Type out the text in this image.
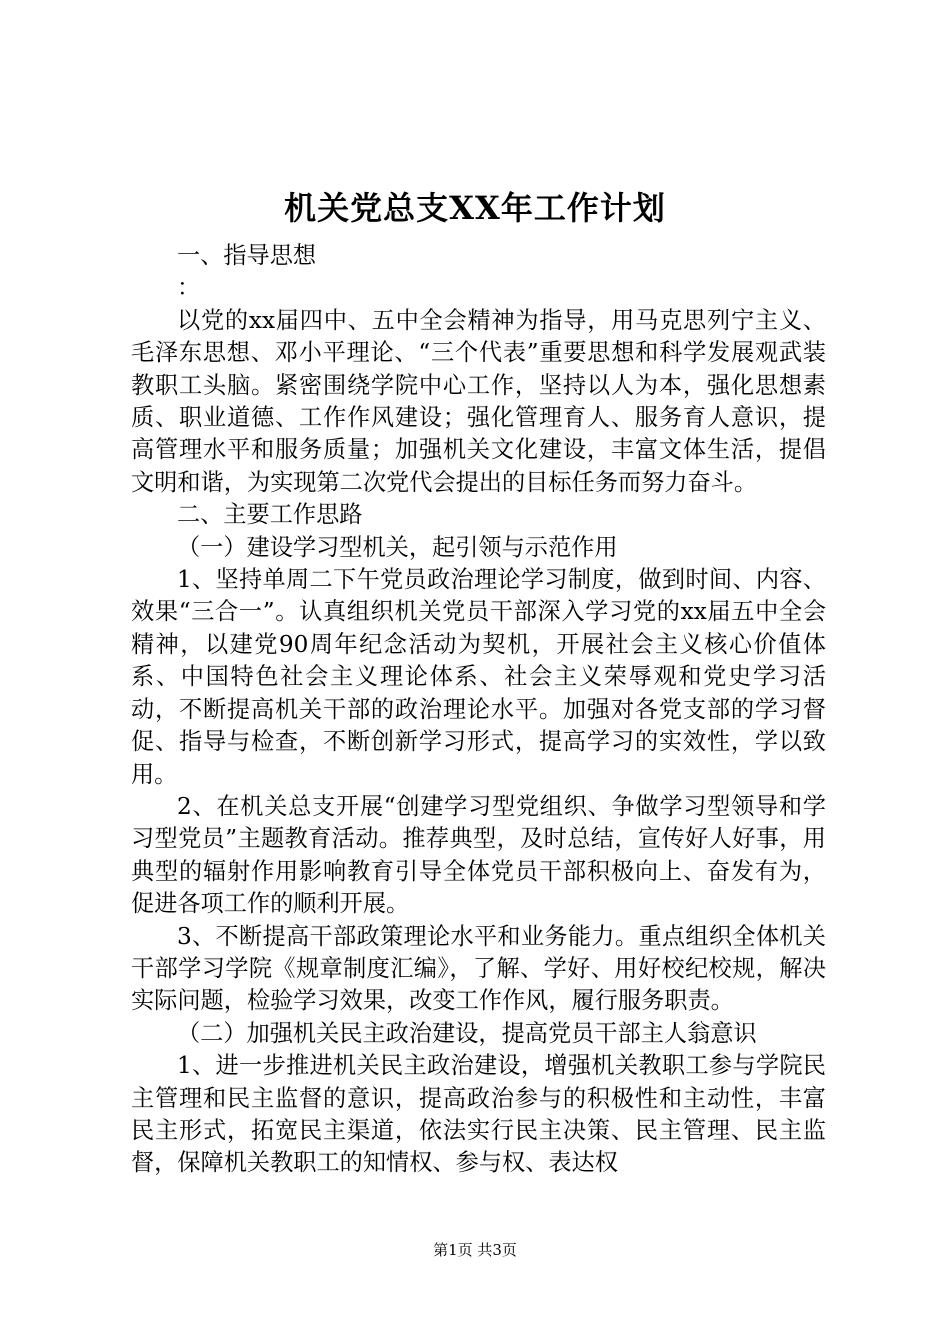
机关党总支XX年工作计划

一、指导思想

：

以党的xx届四中、五中全会精神为指导，用马克思列宁主义、毛泽东思想、邓小平理论、“三个代表”重要思想和科学发展观武装教职工头脑。紧密围绕学院中心工作，坚持以人为本，强化思想素质、职业道德、工作作风建设；强化管理育人、服务育人意识，提高管理水平和服务质量；加强机关文化建设，丰富文体生活，提倡文明和谐，为实现第二次党代会提出的目标任务而努力奋斗。

二、主要工作思路

（一）建设学习型机关，起引领与示范作用

1、坚持单周二下午党员政治理论学习制度，做到时间、内容、效果“三合一”。认真组织机关党员干部深入学习党的xx届五中全会精神，以建党90周年纪念活动为契机，开展社会主义核心价值体系、中国特色社会主义理论体系、社会主义荣辱观和党史学习活动，不断提高机关干部的政治理论水平。加强对各党支部的学习督促、指导与检查，不断创新学习形式，提高学习的实效性，学以致用。

2、在机关总支开展“创建学习型党组织、争做学习型领导和学习型党员”主题教育活动。推荐典型，及时总结，宣传好人好事，用典型的辐射作用影响教育引导全体党员干部积极向上、奋发有为，促进各项工作的顺利开展。

3、不断提高干部政策理论水平和业务能力。重点组织全体机关干部学习学院《规章制度汇编》，了解、学好、用好校纪校规，解决实际问题，检验学习效果，改变工作作风，履行服务职责。

（二）加强机关民主政治建设，提高党员干部主人翁意识

1、进一步推进机关民主政治建设，增强机关教职工参与学院民主管理和民主监督的意识，提高政治参与的积极性和主动性，丰富民主形式，拓宽民主渠道，依法实行民主决策、民主管理、民主监督，保障机关教职工的知情权、参与权、表达权

第1页 共3页
